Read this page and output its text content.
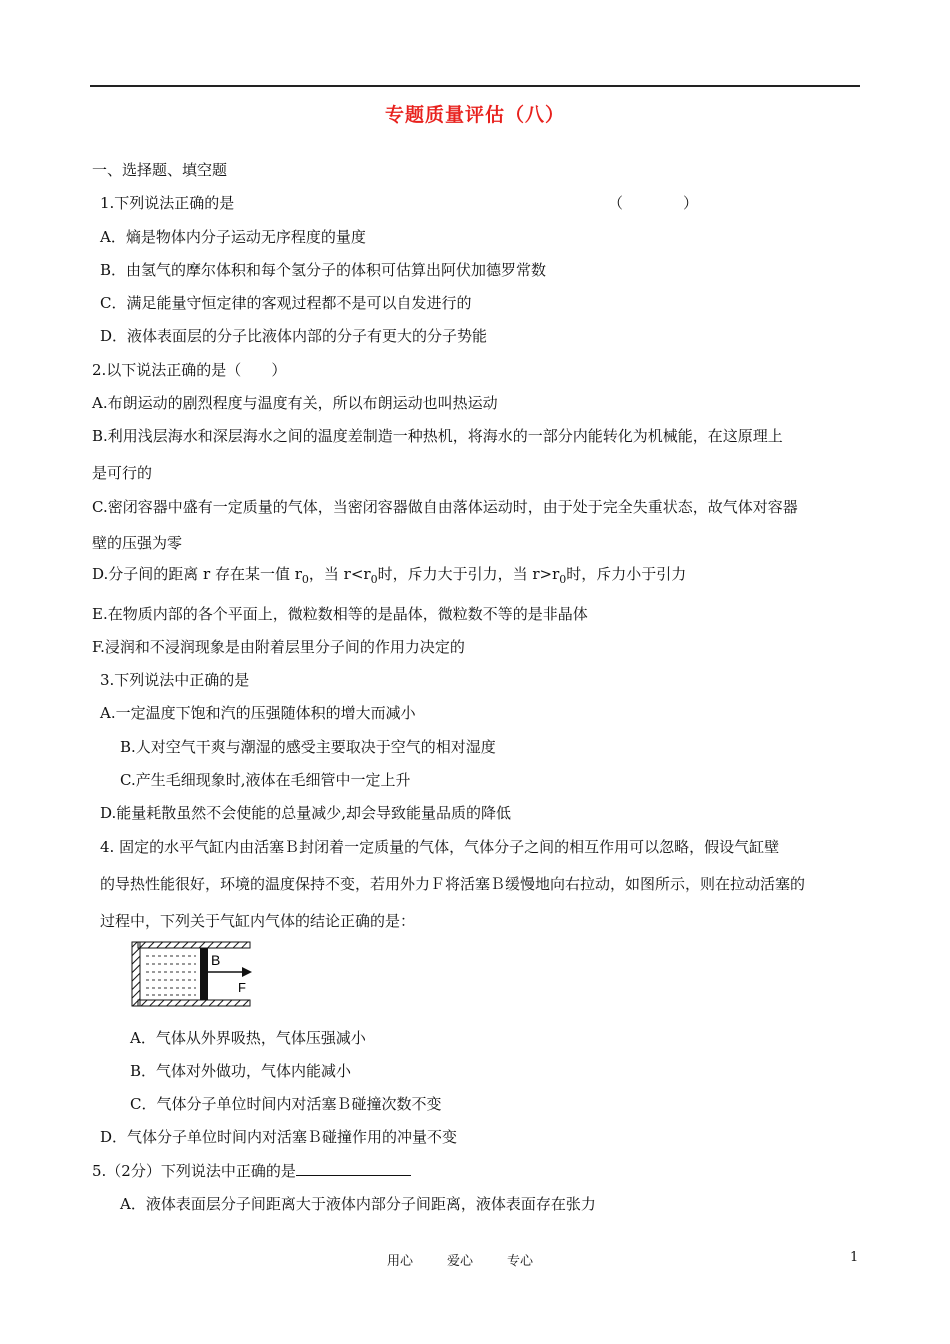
专题质量评估（八）
一、选择题、填空题
1.下列说法正确的是	（　　　　）
A．熵是物体内分子运动无序程度的量度
B．由氢气的摩尔体积和每个氢分子的体积可估算出阿伏加德罗常数
C．满足能量守恒定律的客观过程都不是可以自发进行的
D．液体表面层的分子比液体内部的分子有更大的分子势能
2.以下说法正确的是（　　）
A.布朗运动的剧烈程度与温度有关，所以布朗运动也叫热运动
B.利用浅层海水和深层海水之间的温度差制造一种热机，将海水的一部分内能转化为机械能，在这原理上
是可行的
C.密闭容器中盛有一定质量的气体，当密闭容器做自由落体运动时，由于处于完全失重状态，故气体对容器
壁的压强为零
D.分子间的距离 r 存在某一值 $r_0$，当 $r<r_0$时，斥力大于引力，当 $r>r_0$时，斥力小于引力
E.在物质内部的各个平面上，微粒数相等的是晶体，微粒数不等的是非晶体
F.浸润和不浸润现象是由附着层里分子间的作用力决定的
3.下列说法中正确的是
A.一定温度下饱和汽的压强随体积的增大而减小
B.人对空气干爽与潮湿的感受主要取决于空气的相对湿度
C.产生毛细现象时,液体在毛细管中一定上升
D.能量耗散虽然不会使能的总量减少,却会导致能量品质的降低
4. 固定的水平气缸内由活塞Ｂ封闭着一定质量的气体，气体分子之间的相互作用可以忽略，假设气缸壁
的导热性能很好，环境的温度保持不变，若用外力Ｆ将活塞Ｂ缓慢地向右拉动，如图所示，则在拉动活塞的
过程中，下列关于气缸内气体的结论正确的是：
B
F
A．气体从外界吸热，气体压强减小
B．气体对外做功，气体内能减小
C．气体分子单位时间内对活塞Ｂ碰撞次数不变
D．气体分子单位时间内对活塞Ｂ碰撞作用的冲量不变
5.（2分）下列说法中正确的是
A．液体表面层分子间距离大于液体内部分子间距离，液体表面存在张力
用心	爱心	专心	1
